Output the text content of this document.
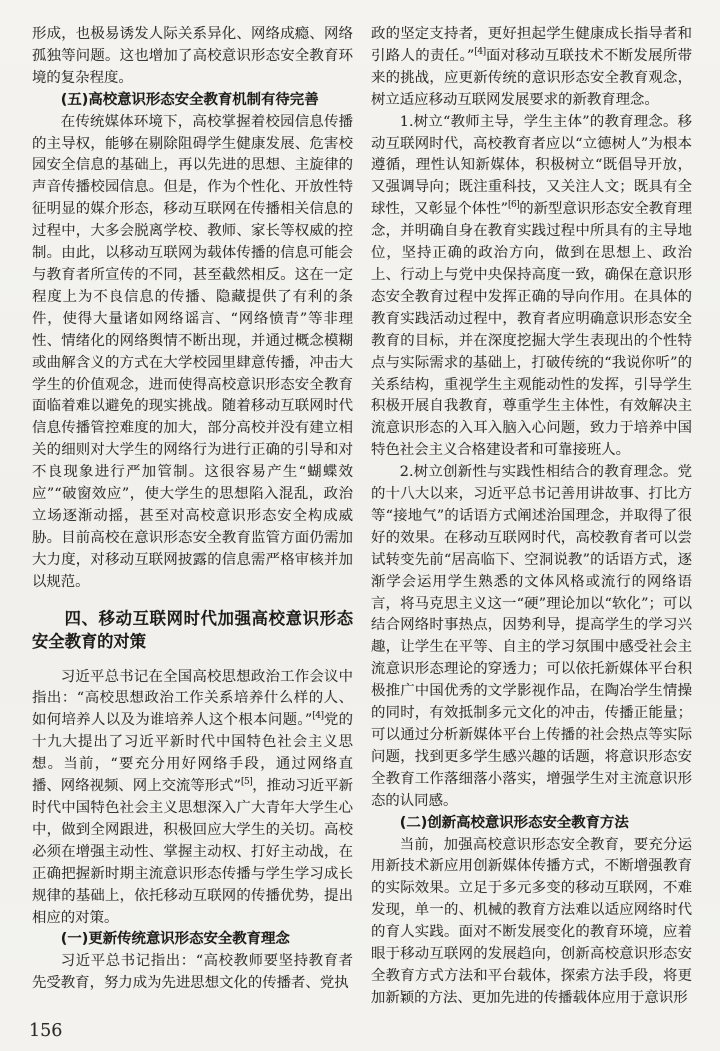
形成，也极易诱发人际关系异化、网络成瘾、网络孤独等问题。这也增加了高校意识形态安全教育环境的复杂程度。

(五)高校意识形态安全教育机制有待完善

在传统媒体环境下，高校掌握着校园信息传播的主导权，能够在剔除阻碍学生健康发展、危害校园安全信息的基础上，再以先进的思想、主旋律的声音传播校园信息。但是，作为个性化、开放性特征明显的媒介形态，移动互联网在传播相关信息的过程中，大多会脱离学校、教师、家长等权威的控制。由此，以移动互联网为载体传播的信息可能会与教育者所宣传的不同，甚至截然相反。这在一定程度上为不良信息的传播、隐藏提供了有利的条件，使得大量诸如网络谣言、“网络愤青”等非理性、情绪化的网络舆情不断出现，并通过概念模糊或曲解含义的方式在大学校园里肆意传播，冲击大学生的价值观念，进而使得高校意识形态安全教育面临着难以避免的现实挑战。随着移动互联网时代信息传播管控难度的加大，部分高校并没有建立相关的细则对大学生的网络行为进行正确的引导和对不良现象进行严加管制。这很容易产生“蝴蝶效应”“破窗效应”，使大学生的思想陷入混乱，政治立场逐渐动摇，甚至对高校意识形态安全构成威胁。目前高校在意识形态安全教育监管方面仍需加大力度，对移动互联网披露的信息需严格审核并加以规范。

四、移动互联网时代加强高校意识形态安全教育的对策

习近平总书记在全国高校思想政治工作会议中指出：“高校思想政治工作关系培养什么样的人、如何培养人以及为谁培养人这个根本问题。”[4]党的十九大提出了习近平新时代中国特色社会主义思想。当前，“要充分用好网络手段，通过网络直播、网络视频、网上交流等形式”[5]，推动习近平新时代中国特色社会主义思想深入广大青年大学生心中，做到全网跟进，积极回应大学生的关切。高校必须在增强主动性、掌握主动权、打好主动战，在正确把握新时期主流意识形态传播与学生学习成长规律的基础上，依托移动互联网的传播优势，提出相应的对策。

(一)更新传统意识形态安全教育理念

习近平总书记指出：“高校教师要坚持教育者先受教育，努力成为先进思想文化的传播者、党执

政的坚定支持者，更好担起学生健康成长指导者和引路人的责任。”[4]面对移动互联技术不断发展所带来的挑战，应更新传统的意识形态安全教育观念，树立适应移动互联网发展要求的新教育理念。

1.树立“教师主导，学生主体”的教育理念。移动互联网时代，高校教育者应以“立德树人”为根本遵循，理性认知新媒体，积极树立“既倡导开放，又强调导向；既注重科技，又关注人文；既具有全球性，又彰显个体性”[6]的新型意识形态安全教育理念，并明确自身在教育实践过程中所具有的主导地位，坚持正确的政治方向，做到在思想上、政治上、行动上与党中央保持高度一致，确保在意识形态安全教育过程中发挥正确的导向作用。在具体的教育实践活动过程中，教育者应明确意识形态安全教育的目标，并在深度挖掘大学生表现出的个性特点与实际需求的基础上，打破传统的“我说你听”的关系结构，重视学生主观能动性的发挥，引导学生积极开展自我教育，尊重学生主体性，有效解决主流意识形态的入耳入脑入心问题，致力于培养中国特色社会主义合格建设者和可靠接班人。

2.树立创新性与实践性相结合的教育理念。党的十八大以来，习近平总书记善用讲故事、打比方等“接地气”的话语方式阐述治国理念，并取得了很好的效果。在移动互联网时代，高校教育者可以尝试转变先前“居高临下、空洞说教”的话语方式，逐渐学会运用学生熟悉的文体风格或流行的网络语言，将马克思主义这一“硬”理论加以“软化”；可以结合网络时事热点，因势利导，提高学生的学习兴趣，让学生在平等、自主的学习氛围中感受社会主流意识形态理论的穿透力；可以依托新媒体平台积极推广中国优秀的文学影视作品，在陶冶学生情操的同时，有效抵制多元文化的冲击，传播正能量；可以通过分析新媒体平台上传播的社会热点等实际问题，找到更多学生感兴趣的话题，将意识形态安全教育工作落细落小落实，增强学生对主流意识形态的认同感。

(二)创新高校意识形态安全教育方法

当前，加强高校意识形态安全教育，要充分运用新技术新应用创新媒体传播方式，不断增强教育的实际效果。立足于多元多变的移动互联网，不难发现，单一的、机械的教育方法难以适应网络时代的育人实践。面对不断发展变化的教育环境，应着眼于移动互联网的发展趋向，创新高校意识形态安全教育方式方法和平台载体，探索方法手段，将更加新颖的方法、更加先进的传播载体应用于意识形

156
